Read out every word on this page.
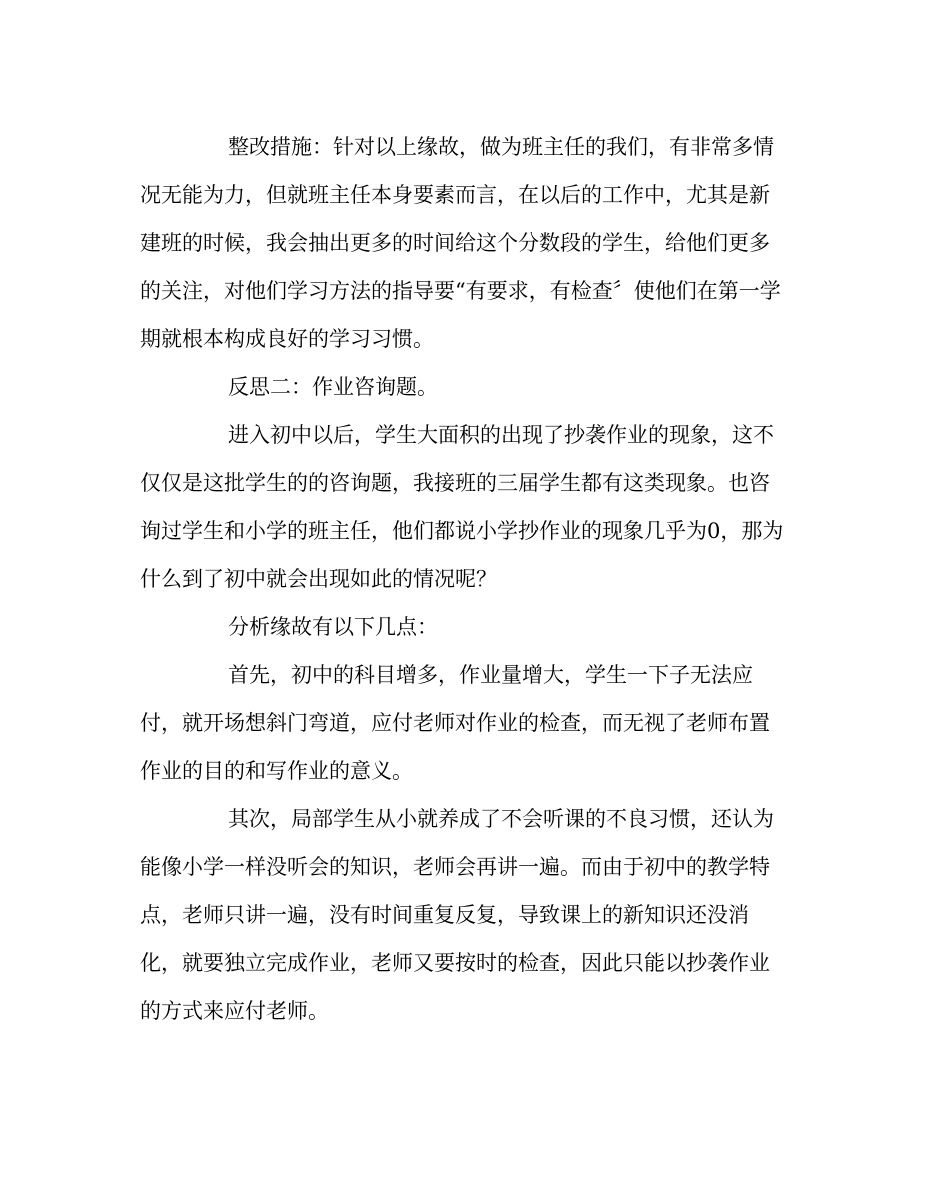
整改措施：针对以上缘故，做为班主任的我们，有非常多情
况无能为力，但就班主任本身要素而言，在以后的工作中，尤其是新
建班的时候，我会抽出更多的时间给这个分数段的学生，给他们更多
的关注，对他们学习方法的指导要“有要求，有检查〞使他们在第一学
期就根本构成良好的学习习惯。
反思二：作业咨询题。
进入初中以后，学生大面积的出现了抄袭作业的现象，这不
仅仅是这批学生的的咨询题，我接班的三届学生都有这类现象。也咨
询过学生和小学的班主任，他们都说小学抄作业的现象几乎为0，那为
什么到了初中就会出现如此的情况呢？
分析缘故有以下几点：
首先，初中的科目增多，作业量增大，学生一下子无法应
付，就开场想斜门弯道，应付老师对作业的检查，而无视了老师布置
作业的目的和写作业的意义。
其次，局部学生从小就养成了不会听课的不良习惯，还认为
能像小学一样没听会的知识，老师会再讲一遍。而由于初中的教学特
点，老师只讲一遍，没有时间重复反复，导致课上的新知识还没消
化，就要独立完成作业，老师又要按时的检查，因此只能以抄袭作业
的方式来应付老师。
